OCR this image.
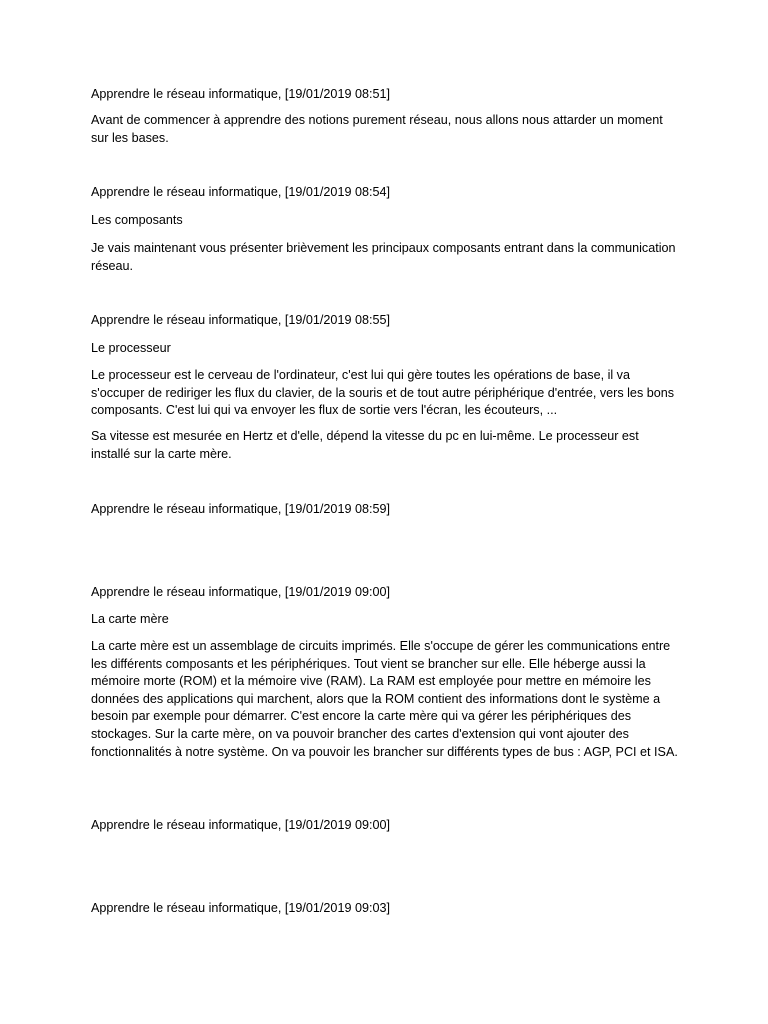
Apprendre le réseau informatique, [19/01/2019 08:51]

Avant de commencer à apprendre des notions purement réseau, nous allons nous attarder un moment sur les bases.

Apprendre le réseau informatique, [19/01/2019 08:54]

Les composants

Je vais maintenant vous présenter brièvement les principaux composants entrant dans la communication réseau.

Apprendre le réseau informatique, [19/01/2019 08:55]

Le processeur

Le processeur est le cerveau de l'ordinateur, c'est lui qui gère toutes les opérations de base, il va s'occuper de rediriger les flux du clavier, de la souris et de tout autre périphérique d'entrée, vers les bons composants. C'est lui qui va envoyer les flux de sortie vers l'écran, les écouteurs, ...

Sa vitesse est mesurée en Hertz et d'elle, dépend la vitesse du pc en lui-même. Le processeur est installé sur la carte mère.

Apprendre le réseau informatique, [19/01/2019 08:59]

Apprendre le réseau informatique, [19/01/2019 09:00]

La carte mère

La carte mère est un assemblage de circuits imprimés. Elle s'occupe de gérer les communications entre les différents composants et les périphériques. Tout vient se brancher sur elle. Elle héberge aussi la mémoire morte (ROM) et la mémoire vive (RAM). La RAM est employée pour mettre en mémoire les données des applications qui marchent, alors que la ROM contient des informations dont le système a besoin par exemple pour démarrer. C'est encore la carte mère qui va gérer les périphériques des stockages. Sur la carte mère, on va pouvoir brancher des cartes d'extension qui vont ajouter des fonctionnalités à notre système. On va pouvoir les brancher sur différents types de bus : AGP, PCI et ISA.

Apprendre le réseau informatique, [19/01/2019 09:00]

Apprendre le réseau informatique, [19/01/2019 09:03]
